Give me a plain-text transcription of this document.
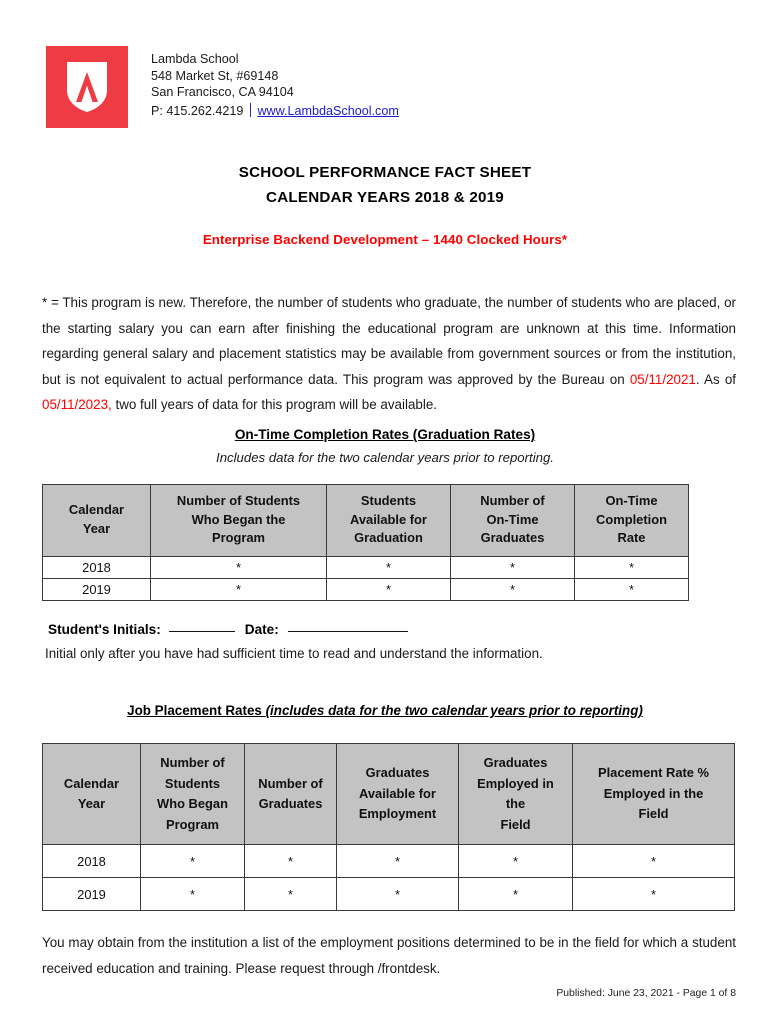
Lambda School
548 Market St, #69148
San Francisco, CA 94104
P: 415.262.4219 www.LambdaSchool.com
SCHOOL PERFORMANCE FACT SHEET
CALENDAR YEARS 2018 & 2019
Enterprise Backend Development – 1440 Clocked Hours*

* = This program is new. Therefore, the number of students who graduate, the number of students who are placed, or the starting salary you can earn after finishing the educational program are unknown at this time. Information regarding general salary and placement statistics may be available from government sources or from the institution, but is not equivalent to actual performance data. This program was approved by the Bureau on 05/11/2021. As of 05/11/2023, two full years of data for this program will be available.

On-Time Completion Rates (Graduation Rates)
Includes data for the two calendar years prior to reporting.
Calendar
Year	Number of Students
Who Began the
Program	Students
Available for
Graduation	Number of
On-Time
Graduates	On-Time
Completion
Rate
2018	*	*	*	*
2019	*	*	*	*
Student's Initials:	Date:
Initial only after you have had sufficient time to read and understand the information.
Job Placement Rates (includes data for the two calendar years prior to reporting)
Calendar
Year	Number of
Students
Who Began
Program	Number of
Graduates	Graduates
Available for
Employment	Graduates
Employed in
the
Field	Placement Rate %
Employed in the
Field
2018	*	*	*	*	*
2019	*	*	*	*	*

You may obtain from the institution a list of the employment positions determined to be in the field for which a student received education and training. Please request through /frontdesk.

Published: June 23, 2021 - Page 1 of 8
